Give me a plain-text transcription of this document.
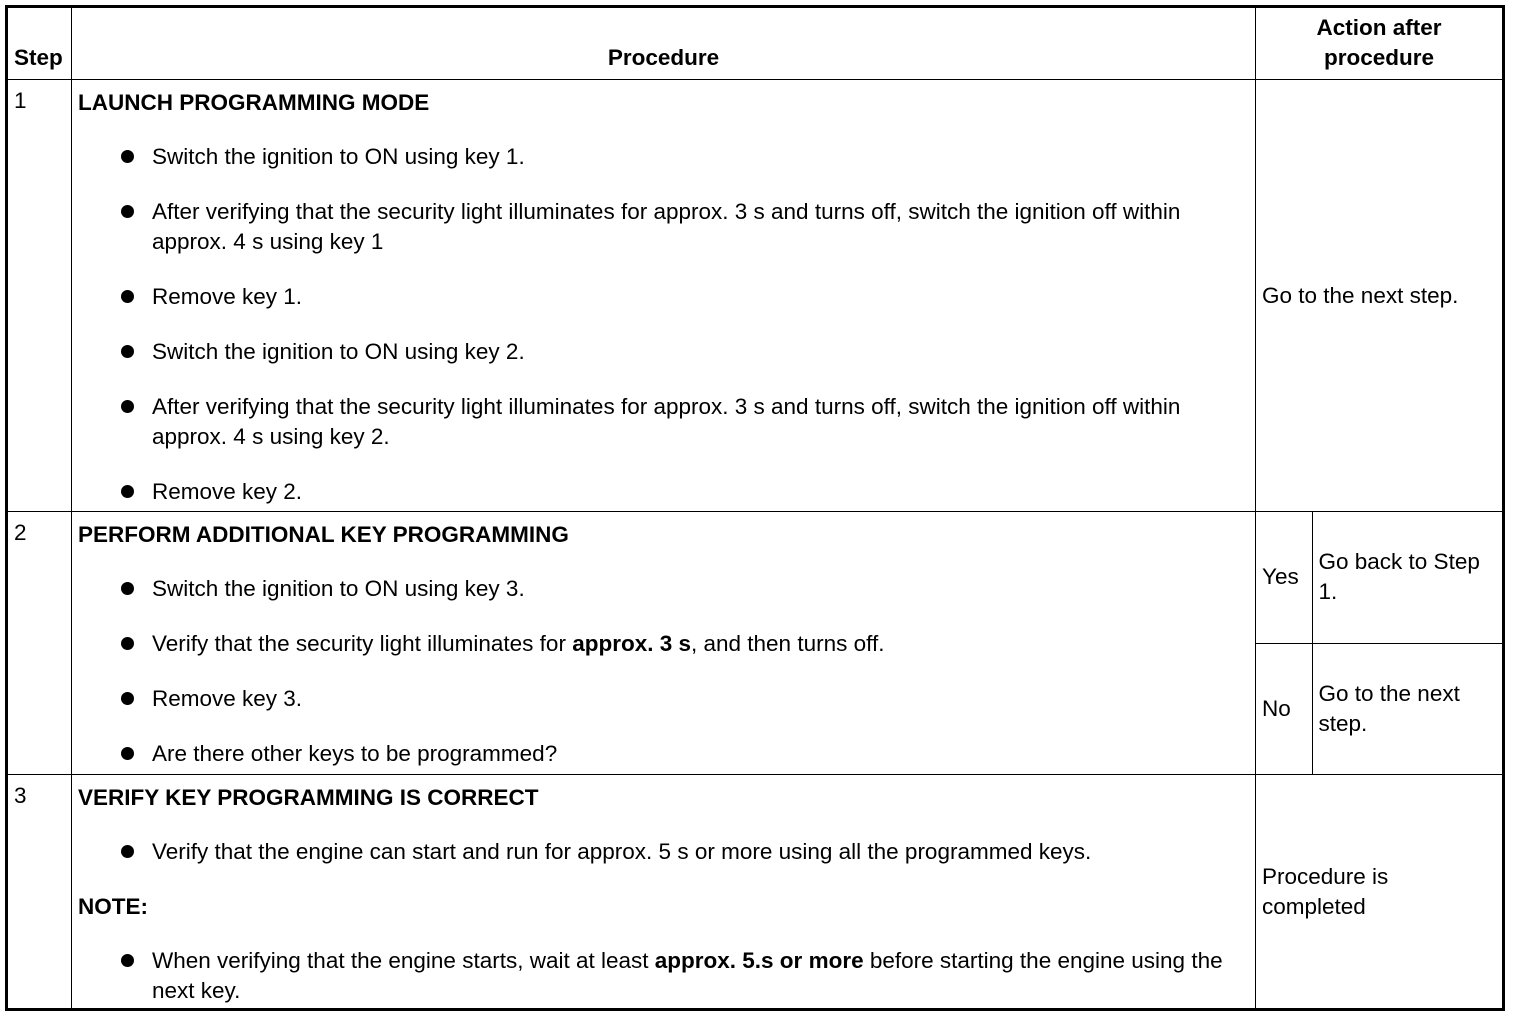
Step	Procedure	Action after
procedure
1	LAUNCH PROGRAMMING MODE
Switch the ignition to ON using key 1.
After verifying that the security light illuminates for approx. 3 s and turns off, switch the ignition off within approx. 4 s using key 1
Remove key 1.
Switch the ignition to ON using key 2.
After verifying that the security light illuminates for approx. 3 s and turns off, switch the ignition off within approx. 4 s using key 2.
Remove key 2.
	Go to the next step.
2	PERFORM ADDITIONAL KEY PROGRAMMING
Switch the ignition to ON using key 3.
Verify that the security light illuminates for approx. 3 s, and then turns off.
Remove key 3.
Are there other keys to be programmed?

Yes	Go back to Step 1.
No	Go to the next step.

3	VERIFY KEY PROGRAMMING IS CORRECT
Verify that the engine can start and run for approx. 5 s or more using all the programmed keys.
NOTE:
When verifying that the engine starts, wait at least approx. 5.s or more before starting the engine using the next key.
	Procedure is completed
